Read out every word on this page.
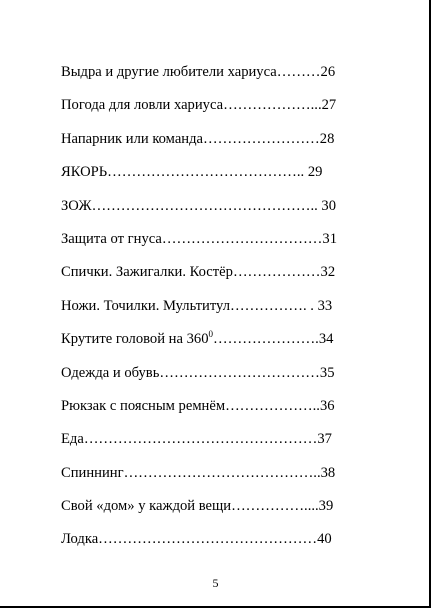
Выдра и другие любители хариуса………26
Погода для ловли хариуса………………...27
Напарник или команда……………………28
ЯКОРЬ………………………………….. 29
ЗОЖ……………………………………….. 30
Защита от гнуса……………………………31
Спички. Зажигалки. Костёр………………32
Ножи. Точилки. Мультитул……………. . 33
Крутите головой на $360^0\dots\dots\dots\dots\dots\dots\dots.34$
Одежда и обувь……………………………35
Рюкзак с поясным ремнём………………..36
Еда…………………………………………37
Спиннинг…………………………………..38
Свой «дом» у каждой вещи……………....39
Лодка………………………………………40
5
